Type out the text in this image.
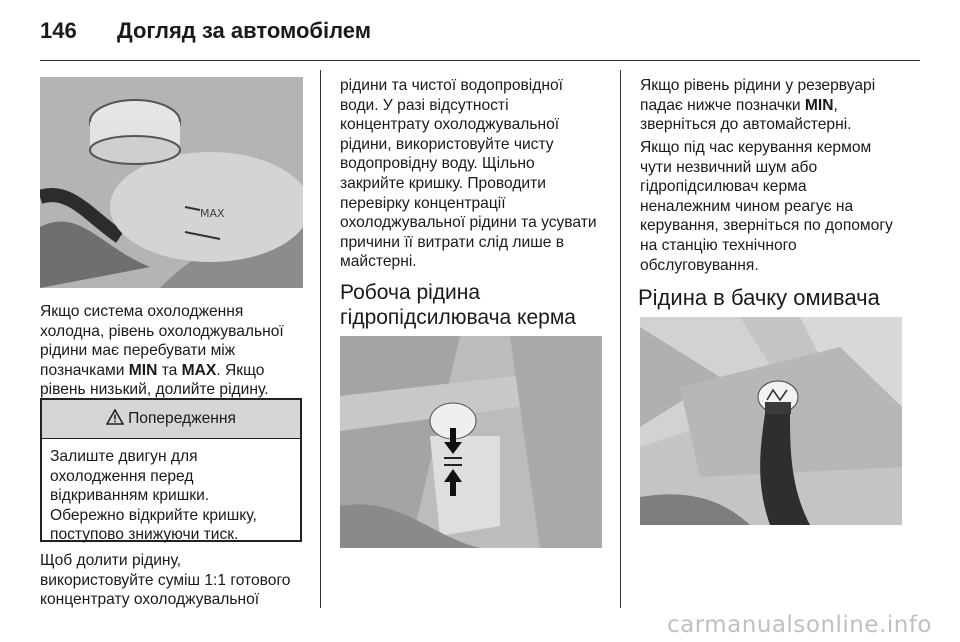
146 Догляд за автомобілем
MAX

Якщо система охолодження

холодна, рівень охолоджувальної

рідини має перебувати між

позначками MIN та MAX. Якщо

рівень низький, долийте рідину.

Попередження
Залиште двигун для
охолодження перед
відкриванням кришки.
Обережно відкрийте кришку,
поступово знижуючи тиск.

Щоб долити рідину,

використовуйте суміш 1:1 готового

концентрату охолоджувальної

рідини та чистої водопровідної

води. У разі відсутності

концентрату охолоджувальної

рідини, використовуйте чисту

водопровідну воду. Щільно

закрийте кришку. Проводити

перевірку концентрації

охолоджувальної рідини та усувати

причини її витрати слід лише в

майстерні.

Робоча рідина
гідропідсилювача керма

Якщо рівень рідини у резервуарі

падає нижче позначки MIN,

зверніться до автомайстерні.

Якщо під час керування кермом

чути незвичний шум або

гідропідсилювач керма

неналежним чином реагує на

керування, зверніться по допомогу

на станцію технічного

обслуговування.

Рідина в бачку омивача
carmanualsonline.info
